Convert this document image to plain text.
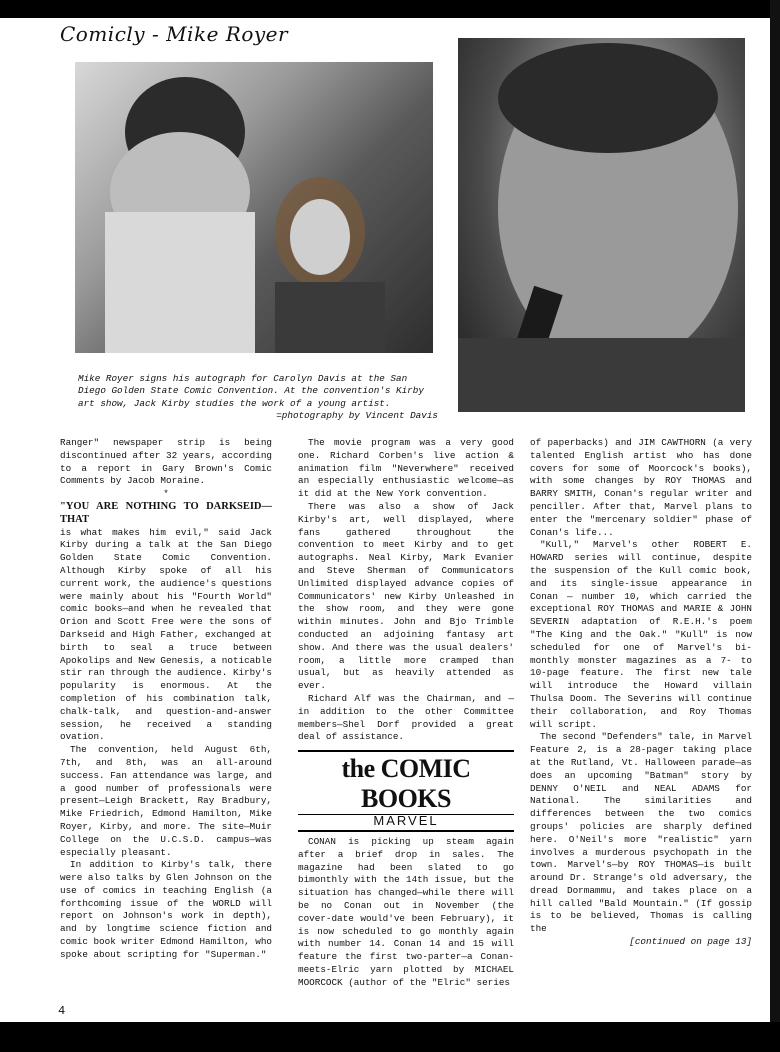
Comicly - Mike Royer
Mike Royer signs his autograph for Carolyn Davis at the San Diego Golden State Comic Convention. At the convention's Kirby art show, Jack Kirby studies the work of a young artist.
=photography by Vincent Davis

Ranger" newspaper strip is being discontinued after 32 years, according to a report in Gary Brown's Comic Comments by Jacob Moraine.

*

"YOU ARE NOTHING TO DARKSEID—THAT

is what makes him evil," said Jack Kirby during a talk at the San Diego Golden State Comic Convention. Although Kirby spoke of all his current work, the audience's questions were mainly about his "Fourth World" comic books—and when he revealed that Orion and Scott Free were the sons of Darkseid and High Father, exchanged at birth to seal a truce between Apokolips and New Genesis, a noticable stir ran through the audience. Kirby's popularity is enormous. At the completion of his combination talk, chalk-talk, and question-and-answer session, he received a standing ovation.

The convention, held August 6th, 7th, and 8th, was an all-around success. Fan attendance was large, and a good number of professionals were present—Leigh Brackett, Ray Bradbury, Mike Friedrich, Edmond Hamilton, Mike Royer, Kirby, and more. The site—Muir College on the U.C.S.D. campus—was especially pleasant.

In addition to Kirby's talk, there were also talks by Glen Johnson on the use of comics in teaching English (a forthcoming issue of the WORLD will report on Johnson's work in depth), and by longtime science fiction and comic book writer Edmond Hamilton, who spoke about scripting for "Superman."

The movie program was a very good one. Richard Corben's live action & animation film "Neverwhere" received an especially enthusiastic welcome—as it did at the New York convention.

There was also a show of Jack Kirby's art, well displayed, where fans gathered throughout the convention to meet Kirby and to get autographs. Neal Kirby, Mark Evanier and Steve Sherman of Communicators Unlimited displayed advance copies of Communicators' new Kirby Unleashed in the show room, and they were gone within minutes. John and Bjo Trimble conducted an adjoining fantasy art show. And there was the usual dealers' room, a little more cramped than usual, but as heavily attended as ever.

Richard Alf was the Chairman, and —in addition to the other Committee members—Shel Dorf provided a great deal of assistance.

the COMIC BOOKS
MARVEL

CONAN is picking up steam again after a brief drop in sales. The magazine had been slated to go bimonthly with the 14th issue, but the situation has changed—while there will be no Conan out in November (the cover-date would've been February), it is now scheduled to go monthly again with number 14. Conan 14 and 15 will feature the first two-parter—a Conan-meets-Elric yarn plotted by MICHAEL MOORCOCK (author of the "Elric" series

of paperbacks) and JIM CAWTHORN (a very talented English artist who has done covers for some of Moorcock's books), with some changes by ROY THOMAS and BARRY SMITH, Conan's regular writer and penciller. After that, Marvel plans to enter the "mercenary soldier" phase of Conan's life...

"Kull," Marvel's other ROBERT E. HOWARD series will continue, despite the suspension of the Kull comic book, and its single-issue appearance in Conan — number 10, which carried the exceptional ROY THOMAS and MARIE & JOHN SEVERIN adaptation of R.E.H.'s poem "The King and the Oak." "Kull" is now scheduled for one of Marvel's bi-monthly monster magazines as a 7- to 10-page feature. The first new tale will introduce the Howard villain Thulsa Doom. The Severins will continue their collaboration, and Roy Thomas will script.

The second "Defenders" tale, in Marvel Feature 2, is a 28-pager taking place at the Rutland, Vt. Halloween parade—as does an upcoming "Batman" story by DENNY O'NEIL and NEAL ADAMS for National. The similarities and differences between the two comics groups' policies are sharply defined here. O'Neil's more "realistic" yarn involves a murderous psychopath in the town. Marvel's—by ROY THOMAS—is built around Dr. Strange's old adversary, the dread Dormammu, and takes place on a hill called "Bald Mountain." (If gossip is to be believed, Thomas is calling the

[continued on page 13]

4
